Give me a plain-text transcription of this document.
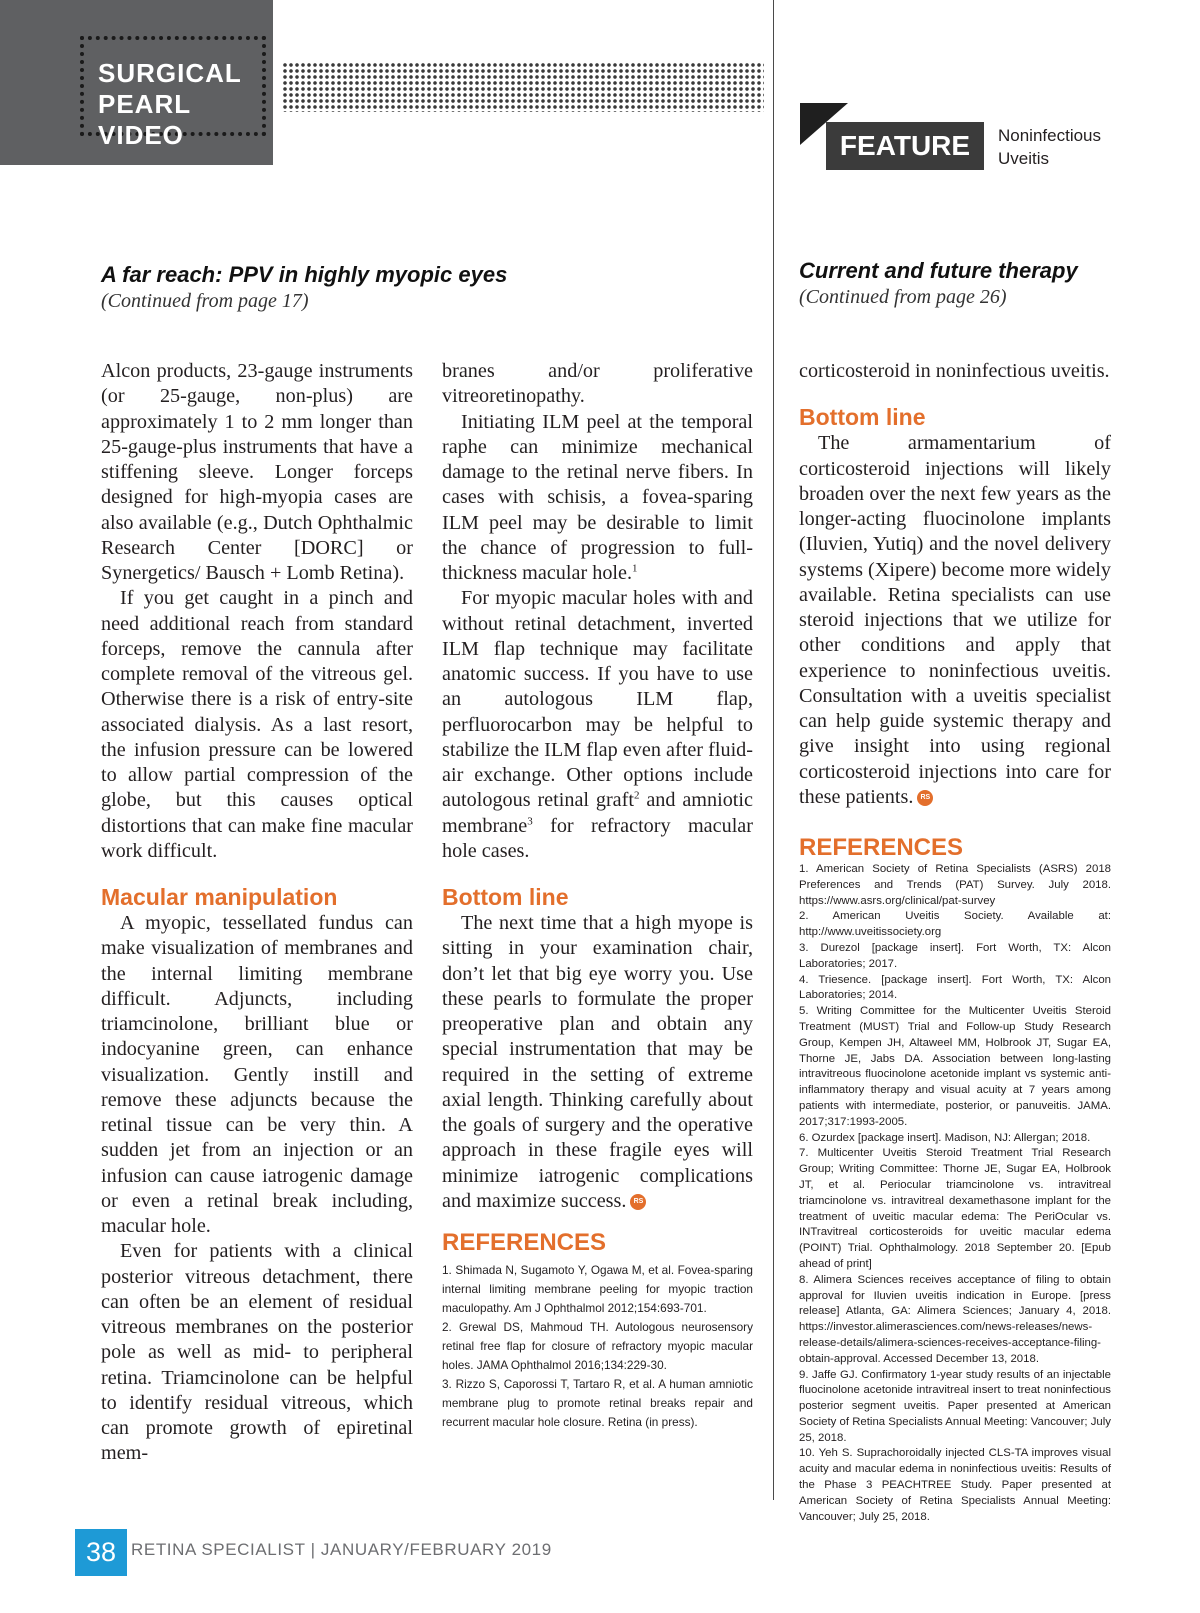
SURGICAL
PEARL VIDEO	FEATURE	Noninfectious
Uveitis
A far reach: PPV in highly myopic eyes
(Continued from page 17)
Current and future therapy
(Continued from page 26)

Alcon products, 23-gauge instruments (or 25-gauge, non-plus) are approximately 1 to 2 mm longer than 25-gauge-plus instruments that have a stiffening sleeve. Longer forceps designed for high-myopia cases are also available (e.g., Dutch Ophthalmic Research Center [DORC] or Synergetics/ Bausch + Lomb Retina).

If you get caught in a pinch and need additional reach from standard forceps, remove the cannula after complete removal of the vitreous gel. Otherwise there is a risk of entry-site associated dialysis. As a last resort, the infusion pressure can be lowered to allow partial compression of the globe, but this causes optical distortions that can make fine macular work difficult.

Macular manipulation

A myopic, tessellated fundus can make visualization of membranes and the internal limiting membrane difficult. Adjuncts, including triamcinolone, brilliant blue or indocyanine green, can enhance visualization. Gently instill and remove these adjuncts because the retinal tissue can be very thin. A sudden jet from an injection or an infusion can cause iatrogenic damage or even a retinal break including, macular hole.

Even for patients with a clinical posterior vitreous detachment, there can often be an element of residual vitreous membranes on the posterior pole as well as mid- to peripheral retina. Triamcinolone can be helpful to identify residual vitreous, which can promote growth of epiretinal mem-

branes and/or proliferative vitreoretinopathy.

Initiating ILM peel at the temporal raphe can minimize mechanical damage to the retinal nerve fibers. In cases with schisis, a fovea-sparing ILM peel may be desirable to limit the chance of progression to full-thickness macular hole.$^1$

For myopic macular holes with and without retinal detachment, inverted ILM flap technique may facilitate anatomic success. If you have to use an autologous ILM flap, perfluorocarbon may be helpful to stabilize the ILM flap even after fluid-air exchange. Other options include autologous retinal graft$^2$ and amniotic membrane$^3$ for refractory macular hole cases.

Bottom line

The next time that a high myope is sitting in your examination chair, don’t let that big eye worry you. Use these pearls to formulate the proper preoperative plan and obtain any special instrumentation that may be required in the setting of extreme axial length. Thinking carefully about the goals of surgery and the operative approach in these fragile eyes will minimize iatrogenic complications and maximize success. RS

REFERENCES
1. Shimada N, Sugamoto Y, Ogawa M, et al. Fovea-sparing internal limiting membrane peeling for myopic traction maculopathy. Am J Ophthalmol 2012;154:693-701.
2. Grewal DS, Mahmoud TH. Autologous neurosensory retinal free flap for closure of refractory myopic macular holes. JAMA Ophthalmol 2016;134:229-30.
3. Rizzo S, Caporossi T, Tartaro R, et al. A human amniotic membrane plug to promote retinal breaks repair and recurrent macular hole closure. Retina (in press).

corticosteroid in noninfectious uveitis.

Bottom line

The armamentarium of corticosteroid injections will likely broaden over the next few years as the longer-acting fluocinolone implants (Iluvien, Yutiq) and the novel delivery systems (Xipere) become more widely available. Retina specialists can use steroid injections that we utilize for other conditions and apply that experience to noninfectious uveitis. Consultation with a uveitis specialist can help guide systemic therapy and give insight into using regional corticosteroid injections into care for these patients. RS

REFERENCES
1. American Society of Retina Specialists (ASRS) 2018 Preferences and Trends (PAT) Survey. July 2018. https://www.asrs.org/clinical/pat-survey
2. American Uveitis Society. Available at: http://www.uveitissociety.org
3. Durezol [package insert]. Fort Worth, TX: Alcon Laboratories; 2017.
4. Triesence. [package insert]. Fort Worth, TX: Alcon Laboratories; 2014.
5. Writing Committee for the Multicenter Uveitis Steroid Treatment (MUST) Trial and Follow-up Study Research Group, Kempen JH, Altaweel MM, Holbrook JT, Sugar EA, Thorne JE, Jabs DA. Association between long-lasting intravitreous fluocinolone acetonide implant vs systemic anti-inflammatory therapy and visual acuity at 7 years among patients with intermediate, posterior, or panuveitis. JAMA. 2017;317:1993-2005.
6. Ozurdex [package insert]. Madison, NJ: Allergan; 2018.
7. Multicenter Uveitis Steroid Treatment Trial Research Group; Writing Committee: Thorne JE, Sugar EA, Holbrook JT, et al. Periocular triamcinolone vs. intravitreal triamcinolone vs. intravitreal dexamethasone implant for the treatment of uveitic macular edema: The PeriOcular vs. INTravitreal corticosteroids for uveitic macular edema (POINT) Trial. Ophthalmology. 2018 September 20. [Epub ahead of print]
8. Alimera Sciences receives acceptance of filing to obtain approval for Iluvien uveitis indication in Europe. [press release] Atlanta, GA: Alimera Sciences; January 4, 2018. https://investor.alimerasciences.com/news-releases/news-release-details/alimera-sciences-receives-acceptance-filing-obtain-approval. Accessed December 13, 2018.
9. Jaffe GJ. Confirmatory 1-year study results of an injectable fluocinolone acetonide intravitreal insert to treat noninfectious posterior segment uveitis. Paper presented at American Society of Retina Specialists Annual Meeting: Vancouver; July 25, 2018.
10. Yeh S. Suprachoroidally injected CLS-TA improves visual acuity and macular edema in noninfectious uveitis: Results of the Phase 3 PEACHTREE Study. Paper presented at American Society of Retina Specialists Annual Meeting: Vancouver; July 25, 2018.
38 RETINA SPECIALIST | JANUARY/FEBRUARY 2019
